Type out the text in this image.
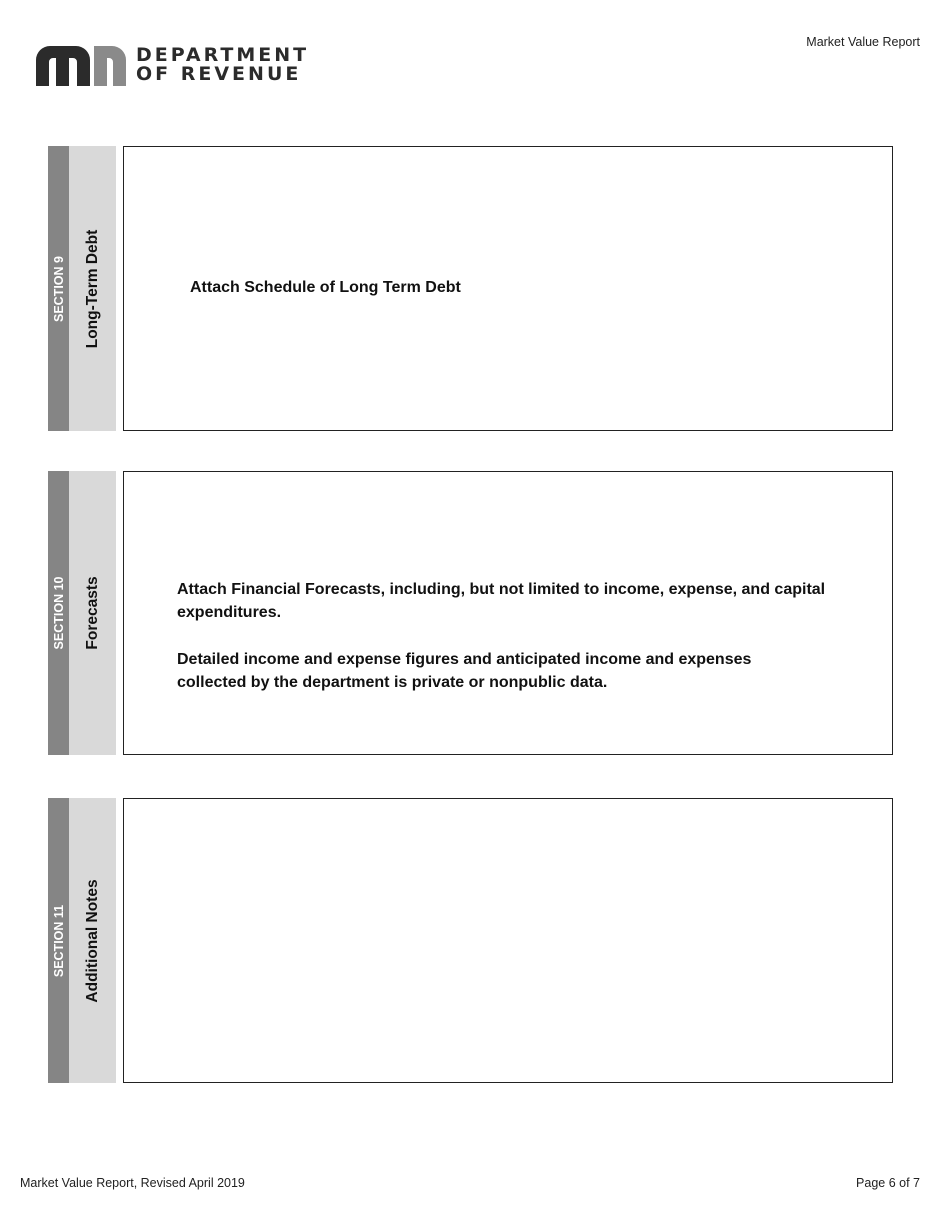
Market Value Report
DEPARTMENT
OF REVENUE
SECTION 9 Long-Term Debt	Attach Schedule of Long Term Debt
SECTION 10 Forecasts	Attach Financial Forecasts, including, but not limited to income, expense, and capital expenditures.
Detailed income and expense figures and anticipated income and expenses collected by the department is private or nonpublic data.
SECTION 11 Additional Notes
Market Value Report, Revised April 2019	Page 6 of 7
